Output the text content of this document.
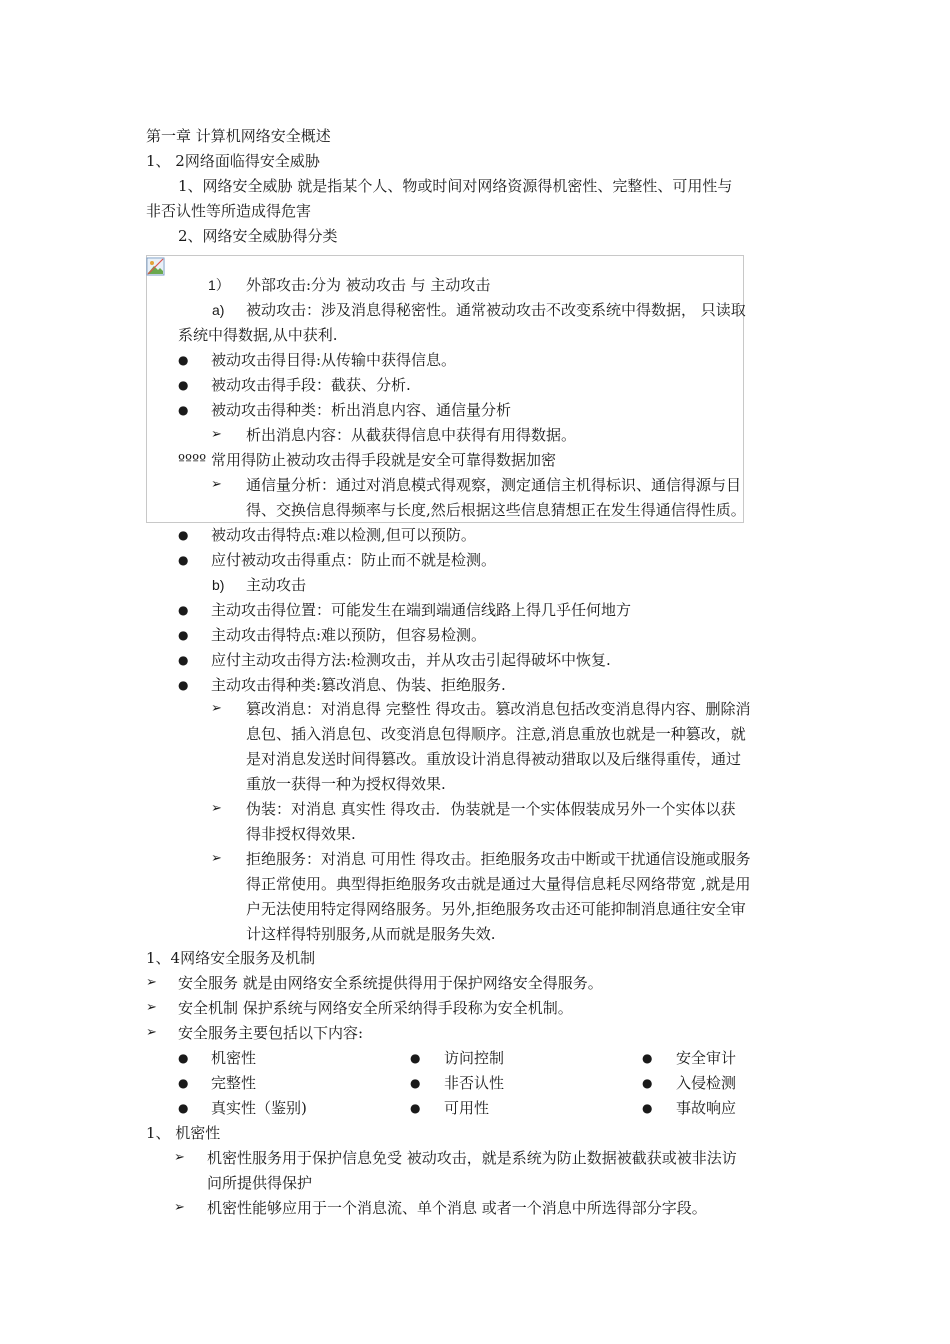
第一章 计算机网络安全概述
1、 2网络面临得安全威胁
1、网络安全威胁 就是指某个人、物或时间对网络资源得机密性、完整性、可用性与
非否认性等所造成得危害
2、网络安全威胁得分类
1） 外部攻击:分为 被动攻击 与 主动攻击
a) 被动攻击：涉及消息得秘密性。通常被动攻击不改变系统中得数据， 只读取
系统中得数据,从中获利.
● 被动攻击得目得:从传输中获得信息。
● 被动攻击得手段：截获、分析.
● 被动攻击得种类：析出消息内容、通信量分析
➢ 析出消息内容：从截获得信息中获得有用得数据。
ºººº 常用得防止被动攻击得手段就是安全可靠得数据加密
➢ 通信量分析：通过对消息模式得观察，测定通信主机得标识、通信得源与目
得、交换信息得频率与长度,然后根据这些信息猜想正在发生得通信得性质。
● 被动攻击得特点:难以检测,但可以预防。
● 应付被动攻击得重点：防止而不就是检测。
b) 主动攻击
● 主动攻击得位置：可能发生在端到端通信线路上得几乎任何地方
● 主动攻击得特点:难以预防，但容易检测。
● 应付主动攻击得方法:检测攻击，并从攻击引起得破坏中恢复.
● 主动攻击得种类:篡改消息、伪装、拒绝服务.
➢ 篡改消息：对消息得 完整性 得攻击。篡改消息包括改变消息得内容、删除消
息包、插入消息包、改变消息包得顺序。注意,消息重放也就是一种篡改，就
是对消息发送时间得篡改。重放设计消息得被动猎取以及后继得重传，通过
重放一获得一种为授权得效果.
➢ 伪装：对消息 真实性 得攻击．伪装就是一个实体假装成另外一个实体以获
得非授权得效果.
➢ 拒绝服务：对消息 可用性 得攻击。拒绝服务攻击中断或干扰通信设施或服务
得正常使用。典型得拒绝服务攻击就是通过大量得信息耗尽网络带宽 ,就是用
户无法使用特定得网络服务。另外,拒绝服务攻击还可能抑制消息通往安全审
计这样得特别服务,从而就是服务失效.
1、4网络安全服务及机制
➢ 安全服务 就是由网络安全系统提供得用于保护网络安全得服务。
➢ 安全机制 保护系统与网络安全所采纳得手段称为安全机制。
➢ 安全服务主要包括以下内容:
● 机密性	● 访问控制	● 安全审计
● 完整性	● 非否认性	● 入侵检测
● 真实性（鉴别)	● 可用性	● 事故响应
1、 机密性
➢ 机密性服务用于保护信息免受 被动攻击，就是系统为防止数据被截获或被非法访
问所提供得保护
➢ 机密性能够应用于一个消息流、单个消息 或者一个消息中所选得部分字段。
